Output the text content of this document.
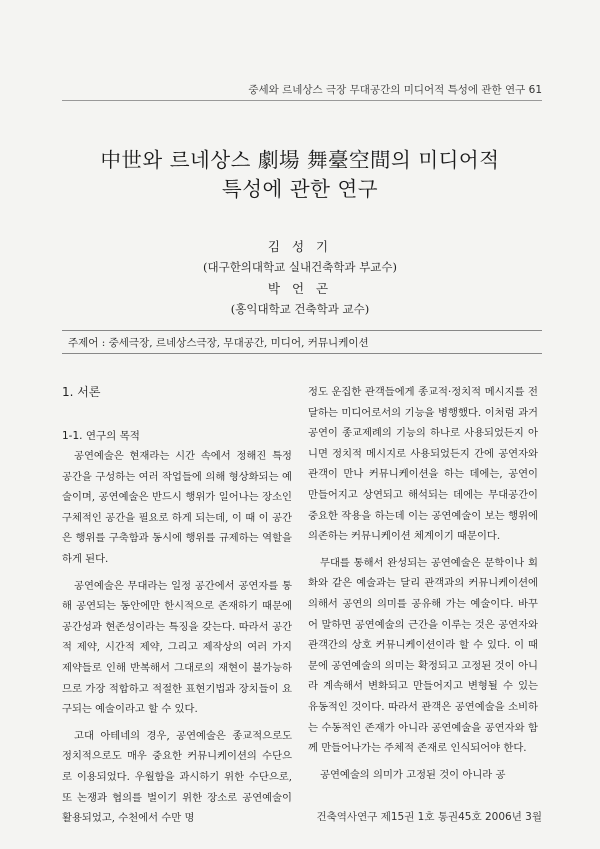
중세와 르네상스 극장 무대공간의 미디어적 특성에 관한 연구 61
中世와 르네상스 劇場 舞臺空間의 미디어적
특성에 관한 연구
김 성 기
(대구한의대학교 실내건축학과 부교수)
박 언 곤
(홍익대학교 건축학과 교수)
주제어 : 중세극장, 르네상스극장, 무대공간, 미디어, 커뮤니케이션
1. 서론
1-1. 연구의 목적

공연예술은 현재라는 시간 속에서 정해진 특정 공간을 구성하는 여러 작업들에 의해 형상화되는 예술이며, 공연예술은 반드시 행위가 일어나는 장소인 구체적인 공간을 필요로 하게 되는데, 이 때 이 공간은 행위를 구축함과 동시에 행위를 규제하는 역할을 하게 된다.

공연예술은 무대라는 일정 공간에서 공연자를 통해 공연되는 동안에만 한시적으로 존재하기 때문에 공간성과 현존성이라는 특징을 갖는다. 따라서 공간적 제약, 시간적 제약, 그리고 제작상의 여러 가지 제약들로 인해 반복해서 그대로의 재현이 불가능하므로 가장 적합하고 적절한 표현기법과 장치들이 요구되는 예술이라고 할 수 있다.

고대 아테네의 경우, 공연예술은 종교적으로도 정치적으로도 매우 중요한 커뮤니케이션의 수단으로 이용되었다. 우월함을 과시하기 위한 수단으로, 또 논쟁과 협의를 벌이기 위한 장소로 공연예술이 활용되었고, 수천에서 수만 명

정도 운집한 관객들에게 종교적·정치적 메시지를 전달하는 미디어로서의 기능을 병행했다. 이처럼 과거 공연이 종교제례의 기능의 하나로 사용되었든지 아니면 정치적 메시지로 사용되었든지 간에 공연자와 관객이 만나 커뮤니케이션을 하는 데에는, 공연이 만들어지고 상연되고 해석되는 데에는 무대공간이 중요한 작용을 하는데 이는 공연예술이 보는 행위에 의존하는 커뮤니케이션 체계이기 때문이다.

무대를 통해서 완성되는 공연예술은 문학이나 회화와 같은 예술과는 달리 관객과의 커뮤니케이션에 의해서 공연의 의미를 공유해 가는 예술이다. 바꾸어 말하면 공연예술의 근간을 이루는 것은 공연자와 관객간의 상호 커뮤니케이션이라 할 수 있다. 이 때문에 공연예술의 의미는 확정되고 고정된 것이 아니라 계속해서 변화되고 만들어지고 변형될 수 있는 유동적인 것이다. 따라서 관객은 공연예술을 소비하는 수동적인 존재가 아니라 공연예술을 공연자와 함께 만들어나가는 주체적 존재로 인식되어야 한다.

공연예술의 의미가 고정된 것이 아니라 공

건축역사연구 제15권 1호 통권45호 2006년 3월
